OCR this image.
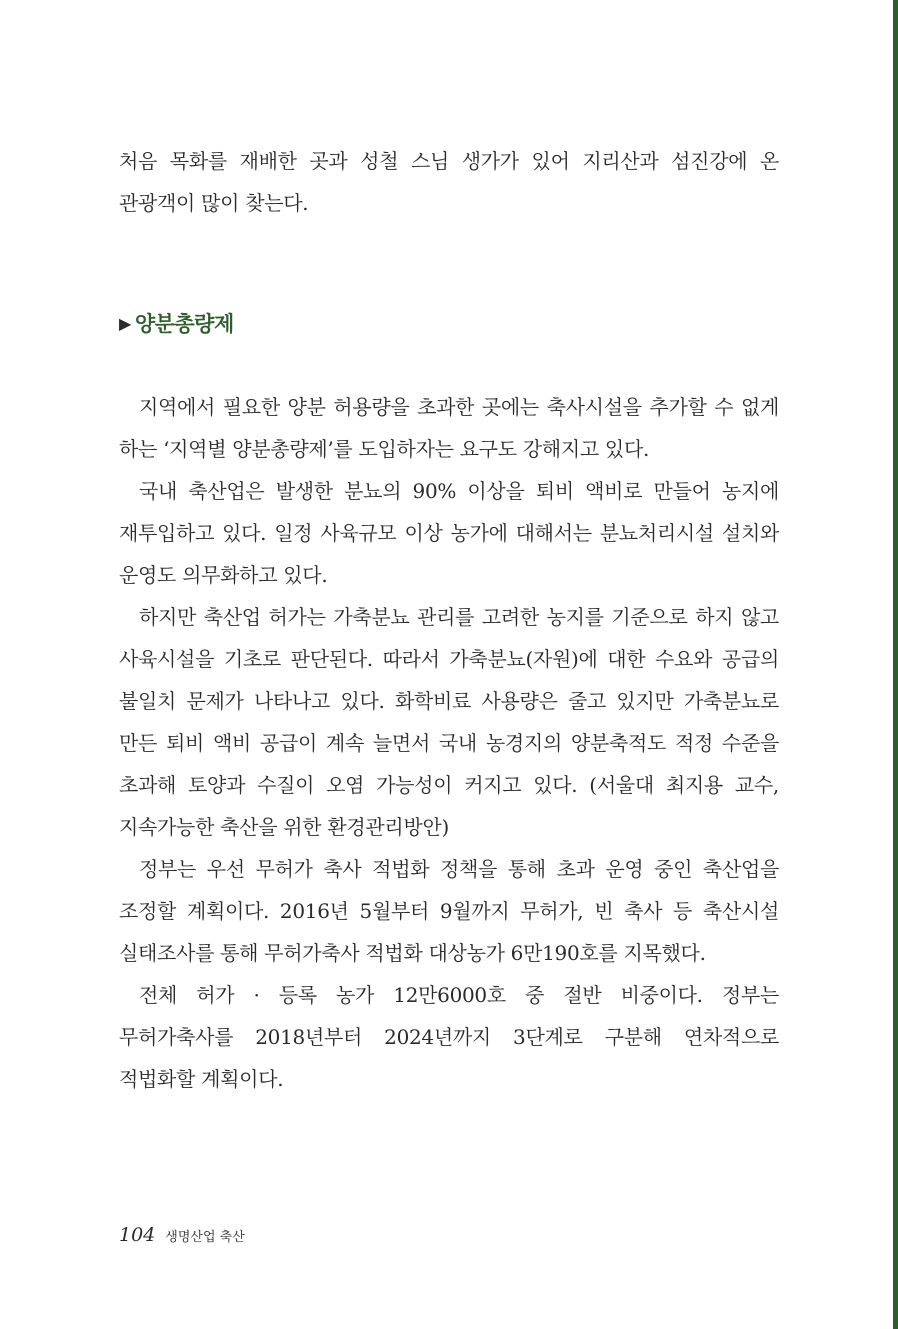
처음 목화를 재배한 곳과 성철 스님 생가가 있어 지리산과 섬진강에 온 관광객이 많이 찾는다.

▶ 양분총량제

지역에서 필요한 양분 허용량을 초과한 곳에는 축사시설을 추가할 수 없게 하는 ‘지역별 양분총량제’를 도입하자는 요구도 강해지고 있다.

국내 축산업은 발생한 분뇨의 90% 이상을 퇴비 액비로 만들어 농지에 재투입하고 있다. 일정 사육규모 이상 농가에 대해서는 분뇨처리시설 설치와 운영도 의무화하고 있다.

하지만 축산업 허가는 가축분뇨 관리를 고려한 농지를 기준으로 하지 않고 사육시설을 기초로 판단된다. 따라서 가축분뇨(자원)에 대한 수요와 공급의 불일치 문제가 나타나고 있다. 화학비료 사용량은 줄고 있지만 가축분뇨로 만든 퇴비 액비 공급이 계속 늘면서 국내 농경지의 양분축적도 적정 수준을 초과해 토양과 수질이 오염 가능성이 커지고 있다. (서울대 최지용 교수, 지속가능한 축산을 위한 환경관리방안)

정부는 우선 무허가 축사 적법화 정책을 통해 초과 운영 중인 축산업을 조정할 계획이다. 2016년 5월부터 9월까지 무허가, 빈 축사 등 축산시설 실태조사를 통해 무허가축사 적법화 대상농가 6만190호를 지목했다.

전체 허가 · 등록 농가 12만6000호 중 절반 비중이다. 정부는 무허가축사를 2018년부터 2024년까지 3단계로 구분해 연차적으로 적법화할 계획이다.

104 생명산업 축산
